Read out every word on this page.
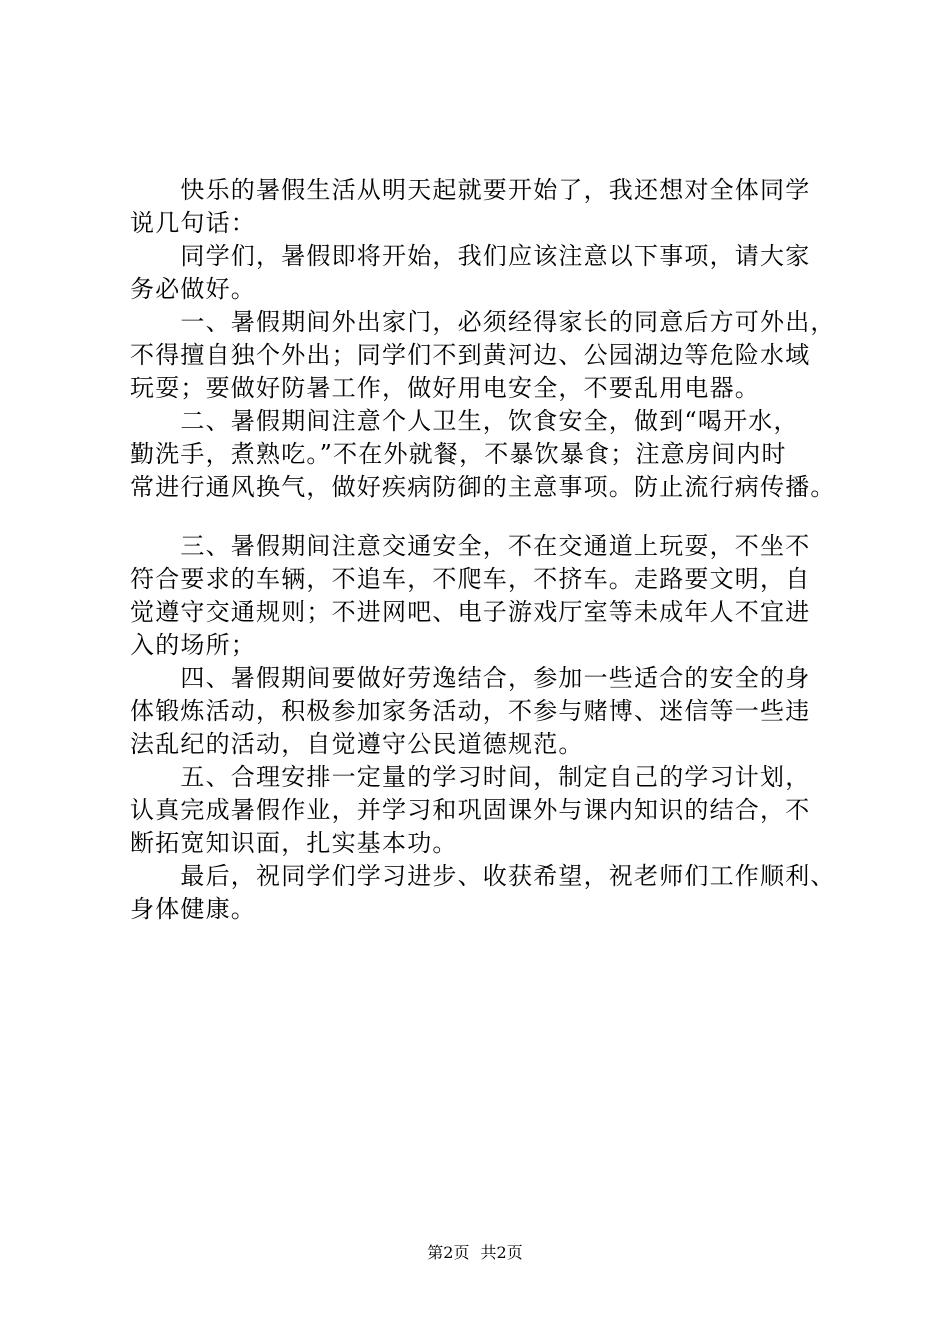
　　快乐的暑假生活从明天起就要开始了，我还想对全体同学
说几句话：
　　同学们，暑假即将开始，我们应该注意以下事项，请大家
务必做好。
　　一、暑假期间外出家门，必须经得家长的同意后方可外出，
不得擅自独个外出；同学们不到黄河边、公园湖边等危险水域
玩耍；要做好防暑工作，做好用电安全，不要乱用电器。
　　二、暑假期间注意个人卫生，饮食安全，做到“喝开水，
勤洗手，煮熟吃。”不在外就餐，不暴饮暴食；注意房间内时
常进行通风换气，做好疾病防御的主意事项。防止流行病传播。
　　三、暑假期间注意交通安全，不在交通道上玩耍，不坐不
符合要求的车辆，不追车，不爬车，不挤车。走路要文明，自
觉遵守交通规则；不进网吧、电子游戏厅室等未成年人不宜进
入的场所；
　　四、暑假期间要做好劳逸结合，参加一些适合的安全的身
体锻炼活动，积极参加家务活动，不参与赌博、迷信等一些违
法乱纪的活动，自觉遵守公民道德规范。
　　五、合理安排一定量的学习时间，制定自己的学习计划，
认真完成暑假作业，并学习和巩固课外与课内知识的结合，不
断拓宽知识面，扎实基本功。
　　最后，祝同学们学习进步、收获希望，祝老师们工作顺利、
身体健康。
第2页 共2页
